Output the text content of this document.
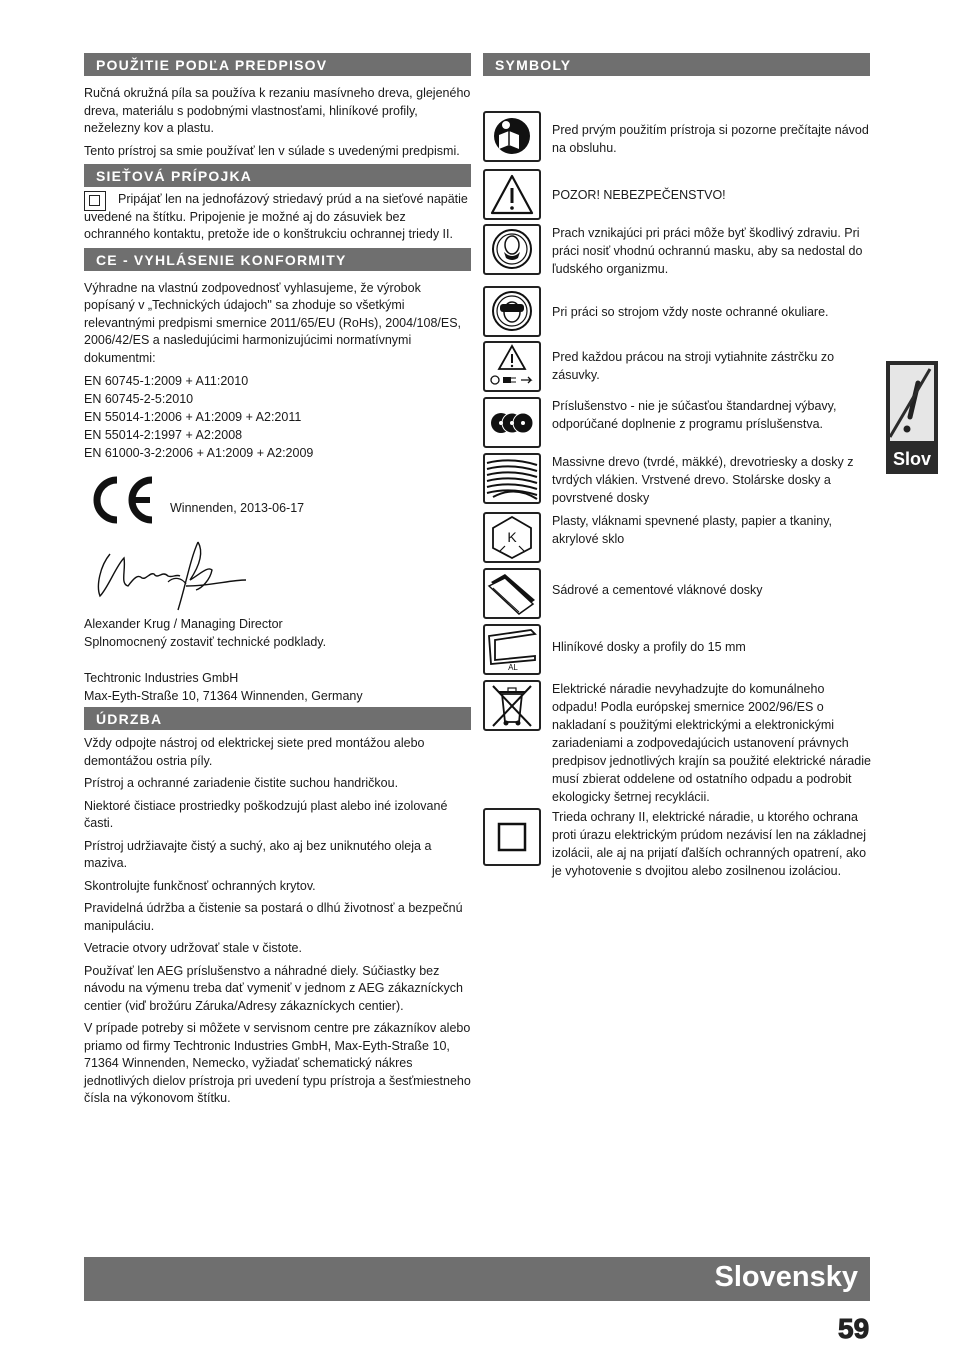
POUŽITIE PODĽA PREDPISOV
Ručná okružná píla sa používa k rezaniu masívneho dreva, glejeného dreva, materiálu s podobnými vlastnosťami, hliníkové profily, neželezny kov a plastu.
Tento prístroj sa smie používať len v súlade s uvedenými predpismi.
SIEŤOVÁ PRÍPOJKA
Pripájať len na jednofázový striedavý prúd a na sieťové napätie uvedené na štítku. Pripojenie je možné aj do zásuviek bez ochranného kontaktu, pretože ide o konštrukciu ochrannej triedy II.
CE - VYHLÁSENIE KONFORMITY
Výhradne na vlastnú zodpovednosť vyhlasujeme, že výrobok popísaný v „Technických údajoch" sa zhoduje so všetkými relevantnými predpismi smernice 2011/65/EU (RoHs), 2004/108/ES, 2006/42/ES a nasledujúcimi harmonizujúcimi normatívnymi dokumentmi:
EN 60745-1:2009 + A11:2010
EN 60745-2-5:2010
EN 55014-1:2006 + A1:2009 + A2:2011
EN 55014-2:1997 + A2:2008
EN 61000-3-2:2006 + A1:2009 + A2:2009
Winnenden, 2013-06-17
Alexander Krug / Managing Director
Splnomocnený zostaviť technické podklady.
Techtronic Industries GmbH
Max-Eyth-Straße 10, 71364 Winnenden, Germany
ÚDRZBA
Vždy odpojte nástroj od elektrickej siete pred montážou alebo demontážou ostria píly.
Prístroj a ochranné zariadenie čistite suchou handričkou.
Niektoré čistiace prostriedky poškodzujú plast alebo iné izolované časti.
Prístroj udržiavajte čistý a suchý, ako aj bez uniknutého oleja a maziva.
Skontrolujte funkčnosť ochranných krytov.
Pravidelná údržba a čistenie sa postará o dlhú životnosť a bezpečnú manipuláciu.
Vetracie otvory udržovať stale v čistote.
Používať len AEG príslušenstvo a náhradné diely. Súčiastky bez návodu na výmenu treba dať vymeniť v jednom z AEG zákazníckych centier (viď brožúru Záruka/Adresy zákazníckych centier).
V prípade potreby si môžete v servisnom centre pre zákazníkov alebo priamo od firmy Techtronic Industries GmbH, Max-Eyth-Straße 10, 71364 Winnenden, Nemecko, vyžiadať schematický nákres jednotlivých dielov prístroja pri uvedení typu prístroja a šesťmiestneho čísla na výkonovom štítku.
SYMBOLY
Pred prvým použitím prístroja si pozorne prečítajte návod na obsluhu.
POZOR! NEBEZPEČENSTVO!
Prach vznikajúci pri práci môže byť škodlivý zdraviu. Pri práci nosiť vhodnú ochrannú masku, aby sa nedostal do ľudského organizmu.
Pri práci so strojom vždy noste ochranné okuliare.
Pred každou prácou na stroji vytiahnite zástrčku zo zásuvky.
Príslušenstvo - nie je súčasťou štandardnej výbavy, odporúčané doplnenie z programu príslušenstva.
Massivne drevo (tvrdé, mäkké), drevotriesky a dosky z tvrdých vlákien. Vrstvené drevo. Stolárske dosky a povrstvené dosky
K
Plasty, vláknami spevnené plasty, papier a tkaniny, akrylové sklo
Sádrové a cementové vláknové dosky
AL
Hliníkové dosky a profily do 15 mm
Elektrické náradie nevyhadzujte do komunálneho odpadu! Podla európskej smernice 2002/96/ES o nakladaní s použitými elektrickými a elektronickými zariadeniami a zodpovedajúcich ustanovení právnych predpisov jednotlivých krajín sa použité elektrické náradie musí zbierat oddelene od ostatního odpadu a podrobit ekologicky šetrnej recyklácii.
Trieda ochrany II, elektrické náradie, u ktorého ochrana proti úrazu elektrickým prúdom nezávisí len na základnej izolácii, ale aj na prijatí ďalších ochranných opatrení, ako je vyhotovenie s dvojitou alebo zosilnenou izoláciou.
Slov
Slovensky
59
